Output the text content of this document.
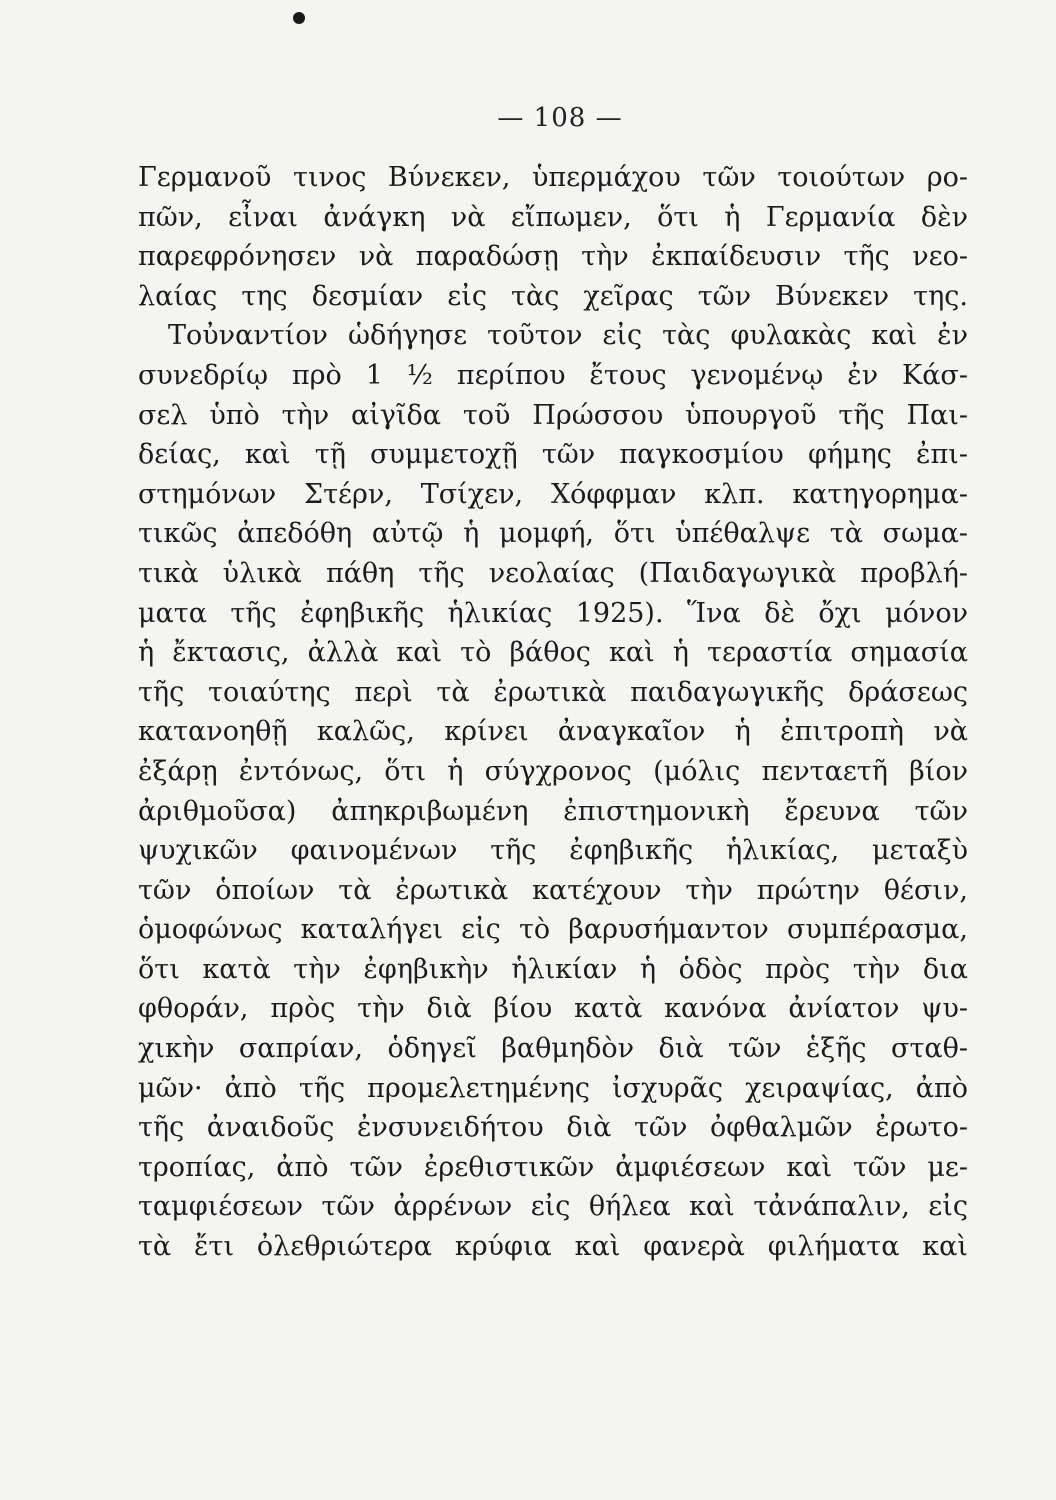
— 108 —
Γερμανοῦ τινος Βύνεκεν, ὑπερμάχου τῶν τοιούτων ρο-
πῶν, εἶναι ἀνάγκη νὰ εἴπωμεν, ὅτι ἡ Γερμανία δὲν
παρεφρόνησεν νὰ παραδώσῃ τὴν ἐκπαίδευσιν τῆς νεο-
λαίας της δεσμίαν εἰς τὰς χεῖρας τῶν Βύνεκεν της.
Τοὐναντίον ὡδήγησε τοῦτον εἰς τὰς φυλακὰς καὶ ἐν
συνεδρίῳ πρὸ 1 ½ περίπου ἔτους γενομένῳ ἐν Κάσ-
σελ ὑπὸ τὴν αἰγῖδα τοῦ Πρώσσου ὑπουργοῦ τῆς Παι-
δείας, καὶ τῇ συμμετοχῇ τῶν παγκοσμίου φήμης ἐπι-
στημόνων Στέρν, Τσίχεν, Χόφφμαν κλπ. κατηγορημα-
τικῶς ἀπεδόθη αὐτῷ ἡ μομφή, ὅτι ὑπέθαλψε τὰ σωμα-
τικὰ ὑλικὰ πάθη τῆς νεολαίας (Παιδαγωγικὰ προβλή-
ματα τῆς ἐφηβικῆς ἡλικίας 1925). Ἵνα δὲ ὄχι μόνον
ἡ ἔκτασις, ἀλλὰ καὶ τὸ βάθος καὶ ἡ τεραστία σημασία
τῆς τοιαύτης περὶ τὰ ἐρωτικὰ παιδαγωγικῆς δράσεως
κατανοηθῇ καλῶς, κρίνει ἀναγκαῖον ἡ ἐπιτροπὴ νὰ
ἐξάρῃ ἐντόνως, ὅτι ἡ σύγχρονος (μόλις πενταετῆ βίον
ἀριθμοῦσα) ἀπηκριβωμένη ἐπιστημονικὴ ἔρευνα τῶν
ψυχικῶν φαινομένων τῆς ἐφηβικῆς ἡλικίας, μεταξὺ
τῶν ὁποίων τὰ ἐρωτικὰ κατέχουν τὴν πρώτην θέσιν,
ὁμοφώνως καταλήγει εἰς τὸ βαρυσήμαντον συμπέρασμα,
ὅτι κατὰ τὴν ἐφηβικὴν ἡλικίαν ἡ ὁδὸς πρὸς τὴν δια
φθοράν, πρὸς τὴν διὰ βίου κατὰ κανόνα ἀνίατον ψυ-
χικὴν σαπρίαν, ὁδηγεῖ βαθμηδὸν διὰ τῶν ἑξῆς σταθ-
μῶν· ἀπὸ τῆς προμελετημένης ἰσχυρᾶς χειραψίας, ἀπὸ
τῆς ἀναιδοῦς ἐνσυνειδήτου διὰ τῶν ὀφθαλμῶν ἐρωτο-
τροπίας, ἀπὸ τῶν ἐρεθιστικῶν ἀμφιέσεων καὶ τῶν με-
ταμφιέσεων τῶν ἀρρένων εἰς θήλεα καὶ τἀνάπαλιν, εἰς
τὰ ἔτι ὀλεθριώτερα κρύφια καὶ φανερὰ φιλήματα καὶ
